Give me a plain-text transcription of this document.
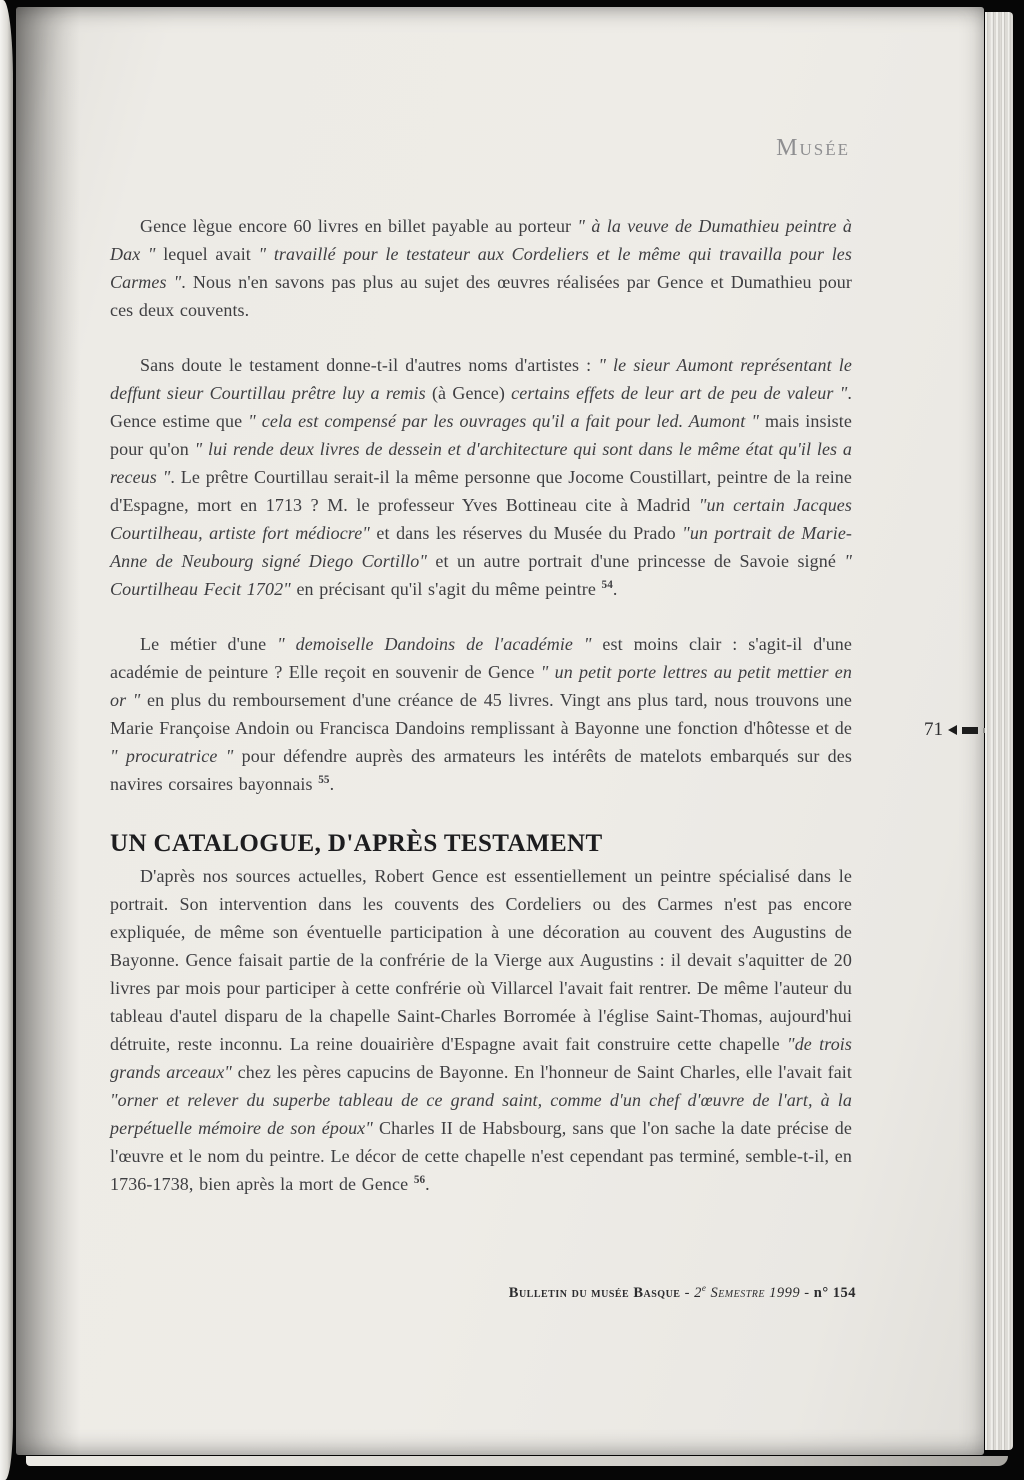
Musée

Gence lègue encore 60 livres en billet payable au porteur " à la veuve de Dumathieu peintre à Dax " lequel avait " travaillé pour le testateur aux Cordeliers et le même qui travailla pour les Carmes ". Nous n'en savons pas plus au sujet des œuvres réalisées par Gence et Dumathieu pour ces deux couvents.

Sans doute le testament donne-t-il d'autres noms d'artistes : " le sieur Aumont représentant le deffunt sieur Courtillau prêtre luy a remis (à Gence) certains effets de leur art de peu de valeur ". Gence estime que " cela est compensé par les ouvrages qu'il a fait pour led. Aumont " mais insiste pour qu'on " lui rende deux livres de dessein et d'architecture qui sont dans le même état qu'il les a receus ". Le prêtre Courtillau serait-il la même personne que Jocome Coustillart, peintre de la reine d'Espagne, mort en 1713 ? M. le professeur Yves Bottineau cite à Madrid "un certain Jacques Courtilheau, artiste fort médiocre" et dans les réserves du Musée du Prado "un portrait de Marie-Anne de Neubourg signé Diego Cortillo" et un autre portrait d'une princesse de Savoie signé " Courtilheau Fecit 1702" en précisant qu'il s'agit du même peintre $^{54}$.

Le métier d'une " demoiselle Dandoins de l'académie " est moins clair : s'agit-il d'une académie de peinture ? Elle reçoit en souvenir de Gence " un petit porte lettres au petit mettier en or " en plus du remboursement d'une créance de 45 livres. Vingt ans plus tard, nous trouvons une Marie Françoise Andoin ou Francisca Dandoins remplissant à Bayonne une fonction d'hôtesse et de " procuratrice " pour défendre auprès des armateurs les intérêts de matelots embarqués sur des navires corsaires bayonnais $^{55}$.

UN CATALOGUE, D'APRÈS TESTAMENT

D'après nos sources actuelles, Robert Gence est essentiellement un peintre spécialisé dans le portrait. Son intervention dans les couvents des Cordeliers ou des Carmes n'est pas encore expliquée, de même son éventuelle participation à une décoration au couvent des Augustins de Bayonne. Gence faisait partie de la confrérie de la Vierge aux Augustins : il devait s'aquitter de 20 livres par mois pour participer à cette confrérie où Villarcel l'avait fait rentrer. De même l'auteur du tableau d'autel disparu de la chapelle Saint-Charles Borromée à l'église Saint-Thomas, aujourd'hui détruite, reste inconnu. La reine douairière d'Espagne avait fait construire cette chapelle "de trois grands arceaux" chez les pères capucins de Bayonne. En l'honneur de Saint Charles, elle l'avait fait "orner et relever du superbe tableau de ce grand saint, comme d'un chef d'œuvre de l'art, à la perpétuelle mémoire de son époux" Charles II de Habsbourg, sans que l'on sache la date précise de l'œuvre et le nom du peintre. Le décor de cette chapelle n'est cependant pas terminé, semble-t-il, en 1736-1738, bien après la mort de Gence $^{56}$.

71
Bulletin du musée Basque - 2e Semestre 1999 - n° 154
